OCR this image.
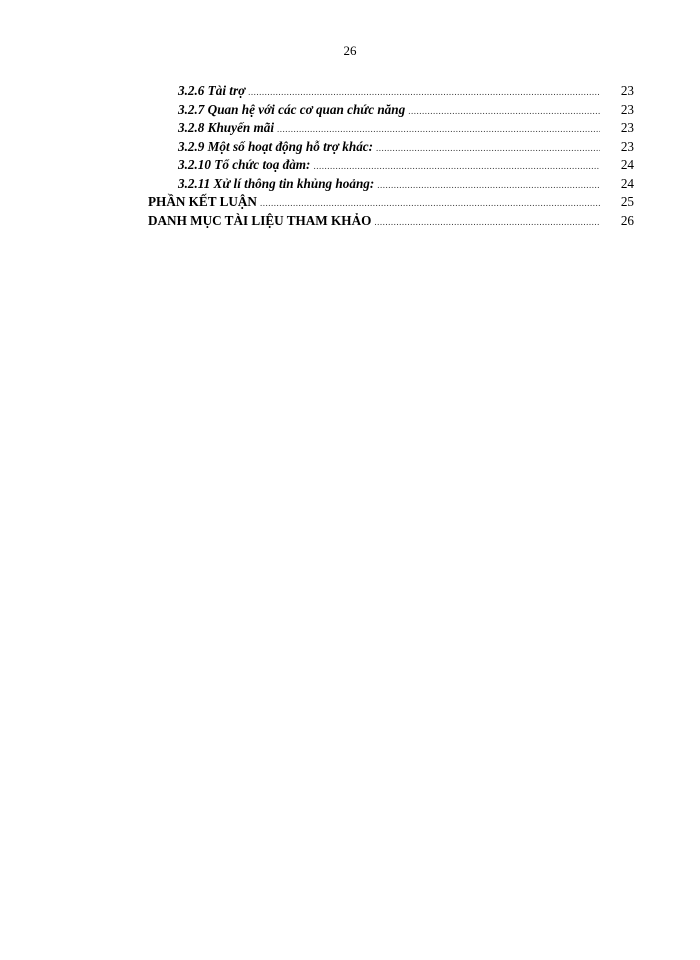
26
3.2.6 Tài trợ .....	23
3.2.7 Quan hệ với các cơ quan chức năng .....	23
3.2.8 Khuyến mãi .....	23
3.2.9 Một số hoạt động hỗ trợ khác: .....	23
3.2.10 Tổ chức toạ đàm: .....	24
3.2.11 Xử lí thông tin khủng hoảng: .....	24
PHẦN KẾT LUẬN .....	25
DANH MỤC TÀI LIỆU THAM KHẢO .....	26
